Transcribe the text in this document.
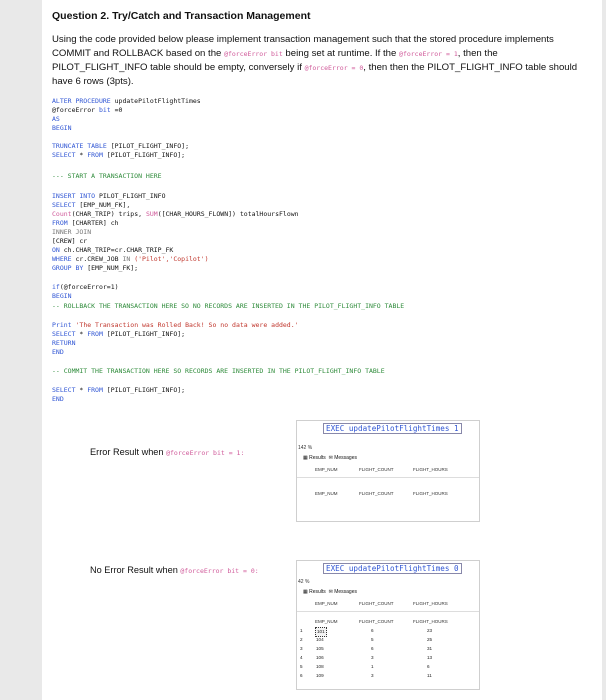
Question 2. Try/Catch and Transaction Management
Using the code provided below please implement transaction management such that the stored procedure implements COMMIT and ROLLBACK based on the @forceError bit being set at runtime. If the @forceError = 1, then the PILOT_FLIGHT_INFO table should be empty, conversely if @forceError = 0, then then the PILOT_FLIGHT_INFO table should have 6 rows (3pts).
ALTER PROCEDURE updatePilotFlightTimes
@forceError bit =0
AS
BEGIN
TRUNCATE TABLE [PILOT_FLIGHT_INFO];
SELECT * FROM [PILOT_FLIGHT_INFO];
--- START A TRANSACTION HERE
INSERT INTO PILOT_FLIGHT_INFO
SELECT [EMP_NUM_FK],
Count(CHAR_TRIP) trips, SUM([CHAR_HOURS_FLOWN]) totalHoursFlown
FROM [CHARTER] ch
INNER JOIN
[CREW] cr
ON ch.CHAR_TRIP=cr.CHAR_TRIP_FK
WHERE cr.CREW_JOB IN ('Pilot','Copilot')
GROUP BY [EMP_NUM_FK];
if(@forceError=1)
BEGIN
-- ROLLBACK THE TRANSACTION HERE SO NO RECORDS ARE INSERTED IN THE PILOT_FLIGHT_INFO TABLE
Print 'The Transaction was Rolled Back! So no data were added.'
SELECT * FROM [PILOT_FLIGHT_INFO];
RETURN
END
-- COMMIT THE TRANSACTION HERE SO RECORDS ARE INSERTED IN THE PILOT_FLIGHT_INFO TABLE
SELECT * FROM [PILOT_FLIGHT_INFO];
END
Error Result when @forceError bit = 1:
EXEC updatePilotFlightTimes 1
142 %
▦ Results ✉ Messages
EMP_NUM	FLIGHT_COUNT	FLIGHT_HOURS
EMP_NUM	FLIGHT_COUNT	FLIGHT_HOURS
No Error Result when @forceError bit = 0:	EXEC updatePilotFlightTimes 0
42 %
▦ Results ✉ Messages
EMP_NUM	FLIGHT_COUNT	FLIGHT_HOURS
EMP_NUM	FLIGHT_COUNT	FLIGHT_HOURS
1	101	6	23
2	104	5	25
3	105	6	31
4	106	3	13
5	108	1	6
6	109	3	11
